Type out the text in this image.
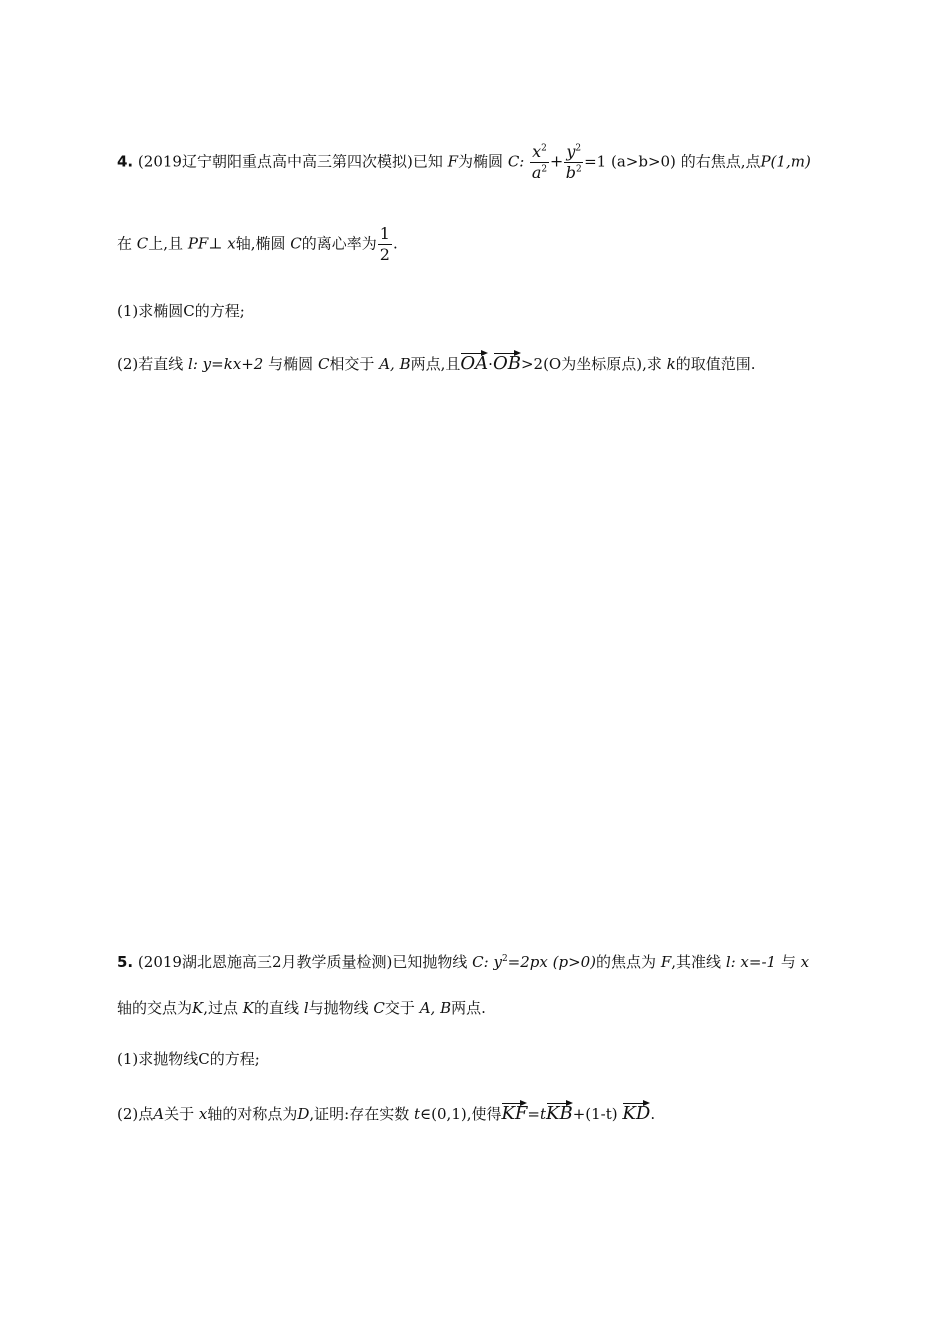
4. (2019辽宁朝阳重点高中高三第四次模拟)已知 F为椭圆 C: $\frac{x^2}{a^2} + \frac{y^2}{b^2} =1$ (a>b>0) 的右焦点,点P(1,m)
在 C上,且 PF⊥ x轴,椭圆 C的离心率为 $\frac{1}{2}$ .
(1)求椭圆C的方程;
(2)若直线 l: y=kx+2 与椭圆 C相交于 A, B两点,且OA·OB>2(O为坐标原点),求 k的取值范围.
5. (2019湖北恩施高三2月教学质量检测)已知抛物线 C: $y^2=2px$ (p>0)的焦点为 F,其准线 l: x=-1 与 x
轴的交点为K,过点 K的直线 l与抛物线 C交于 A, B两点.
(1)求抛物线C的方程;
(2)点A关于 x轴的对称点为D,证明:存在实数 t∈(0,1),使得KF=tKB+(1-t) KD.
